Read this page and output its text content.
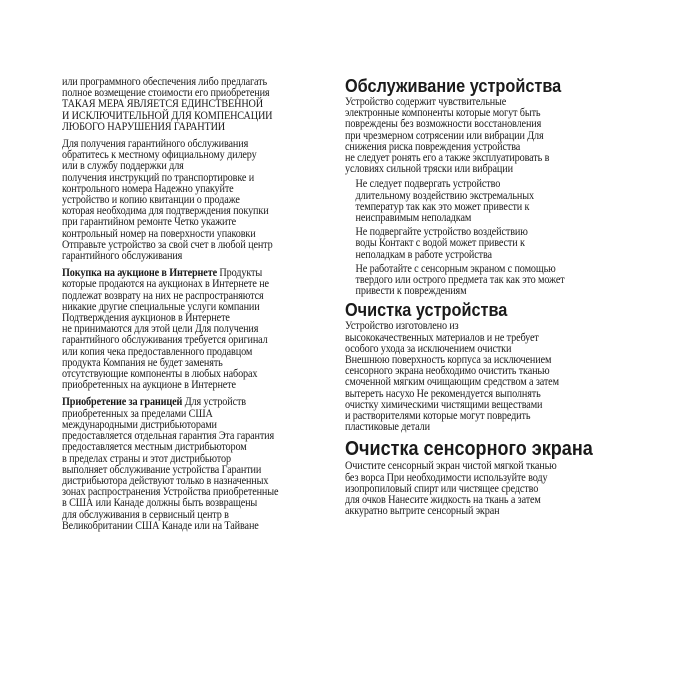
или программного обеспечения либо предлагать
полное возмещение стоимости его приобретения
ТАКАЯ МЕРА ЯВЛЯЕТСЯ ЕДИНСТВЕННОЙ
И ИСКЛЮЧИТЕЛЬНОЙ ДЛЯ КОМПЕНСАЦИИ
ЛЮБОГО НАРУШЕНИЯ ГАРАНТИИ

Для получения гарантийного обслуживания
обратитесь к местному официальному дилеру
или в службу поддержки для
получения инструкций по транспортировке и
контрольного номера Надежно упакуйте
устройство и копию квитанции о продаже
которая необходима для подтверждения покупки
при гарантийном ремонте Четко укажите
контрольный номер на поверхности упаковки
Отправьте устройство за свой счет в любой центр
гарантийного обслуживания

Покупка на аукционе в Интернете Продукты
которые продаются на аукционах в Интернете не
подлежат возврату на них не распространяются
никакие другие специальные услуги компании
Подтверждения аукционов в Интернете
не принимаются для этой цели Для получения
гарантийного обслуживания требуется оригинал
или копия чека предоставленного продавцом
продукта Компания не будет заменять
отсутствующие компоненты в любых наборах
приобретенных на аукционе в Интернете

Приобретение за границей Для устройств
приобретенных за пределами США
международными дистрибьюторами
предоставляется отдельная гарантия Эта гарантия
предоставляется местным дистрибьютором
в пределах страны и этот дистрибьютор
выполняет обслуживание устройства Гарантии
дистрибьютора действуют только в назначенных
зонах распространения Устройства приобретенные
в США или Канаде должны быть возвращены
для обслуживания в сервисный центр в
Великобритании США Канаде или на Тайване

Обслуживание устройства

Устройство содержит чувствительные
электронные компоненты которые могут быть
повреждены без возможности восстановления
при чрезмерном сотрясении или вибрации Для
снижения риска повреждения устройства
не следует ронять его а также эксплуатировать в
условиях сильной тряски или вибрации

Не следует подвергать устройство
длительному воздействию экстремальных
температур так как это может привести к
неисправимым неполадкам
Не подвергайте устройство воздействию
воды Контакт с водой может привести к
неполадкам в работе устройства
Не работайте с сенсорным экраном с помощью
твердого или острого предмета так как это может
привести к повреждениям
Очистка устройства

Устройство изготовлено из
высококачественных материалов и не требует
особого ухода за исключением очистки
Внешнюю поверхность корпуса за исключением
сенсорного экрана необходимо очистить тканью
смоченной мягким очищающим средством а затем
вытереть насухо Не рекомендуется выполнять
очистку химическими чистящими веществами
и растворителями которые могут повредить
пластиковые детали

Очистка сенсорного экрана

Очистите сенсорный экран чистой мягкой тканью
без ворса При необходимости используйте воду
изопропиловый спирт или чистящее средство
для очков Нанесите жидкость на ткань а затем
аккуратно вытрите сенсорный экран
